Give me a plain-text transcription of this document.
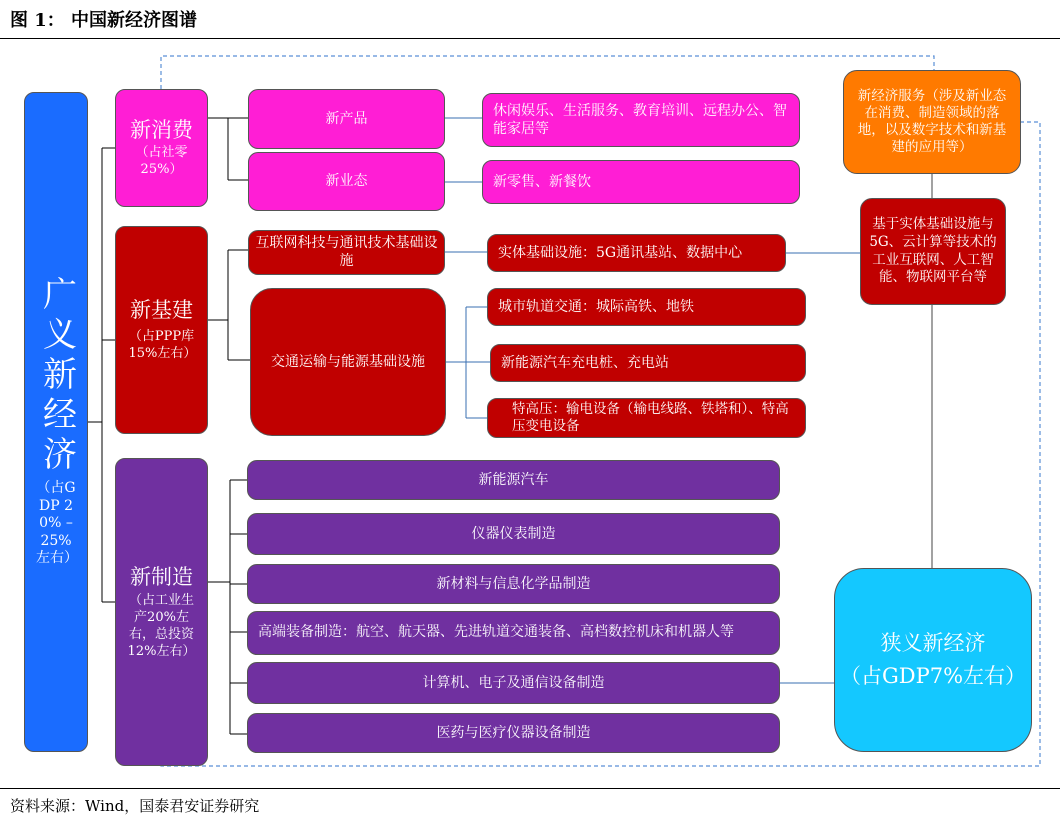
图 1： 中国新经济图谱
广义新经济
（占GDP 20% – 25% 左右）
新消费
（占社零25%）
新产品
新业态
休闲娱乐、生活服务、教育培训、远程办公、智能家居等
新零售、新餐饮
新基建
（占PPP库15%左右）
互联网科技与通讯技术基础设施
交通运输与能源基础设施
实体基础设施：5G通讯基站、数据中心
城市轨道交通：城际高铁、地铁
新能源汽车充电桩、充电站
特高压：输电设备（输电线路、铁塔和）、特高压变电设备
新制造
（占工业生产20%左右，总投资12%左右）
新能源汽车
仪器仪表制造
新材料与信息化学品制造
高端装备制造：航空、航天器、先进轨道交通装备、高档数控机床和机器人等
计算机、电子及通信设备制造
医药与医疗仪器设备制造
新经济服务（涉及新业态在消费、制造领域的落地，以及数字技术和新基建的应用等）
基于实体基础设施与5G、云计算等技术的工业互联网、人工智能、物联网平台等
狭义新经济
（占GDP7%左右）
资料来源：Wind，国泰君安证券研究
